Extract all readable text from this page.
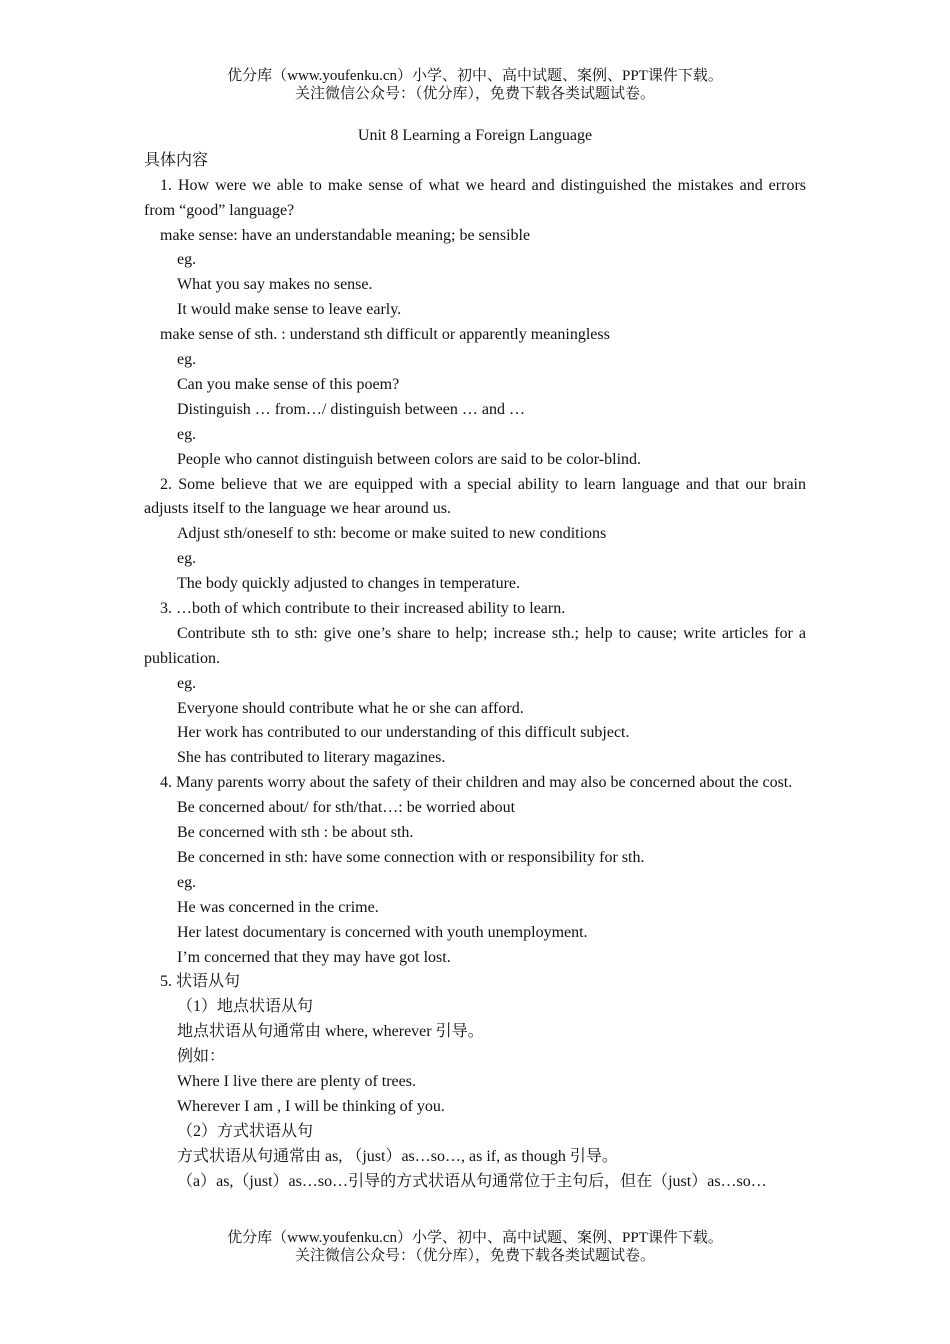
优分库（www.youfenku.cn）小学、初中、高中试题、案例、PPT课件下载。
关注微信公众号：（优分库），免费下载各类试题试卷。
Unit 8 Learning a Foreign Language
具体内容
1. How were we able to make sense of what we heard and distinguished the mistakes and errors from “good” language?
make sense: have an understandable meaning; be sensible
eg.
What you say makes no sense.
It would make sense to leave early.
make sense of sth. : understand sth difficult or apparently meaningless
eg.
Can you make sense of this poem?
Distinguish … from…/ distinguish between … and …
eg.
People who cannot distinguish between colors are said to be color-blind.
2. Some believe that we are equipped with a special ability to learn language and that our brain adjusts itself to the language we hear around us.
Adjust sth/oneself to sth: become or make suited to new conditions
eg.
The body quickly adjusted to changes in temperature.
3. …both of which contribute to their increased ability to learn.
Contribute sth to sth: give one’s share to help; increase sth.; help to cause; write articles for a publication.
eg.
Everyone should contribute what he or she can afford.
Her work has contributed to our understanding of this difficult subject.
She has contributed to literary magazines.
4. Many parents worry about the safety of their children and may also be concerned about the cost.
Be concerned about/ for sth/that…: be worried about
Be concerned with sth : be about sth.
Be concerned in sth: have some connection with or responsibility for sth.
eg.
He was concerned in the crime.
Her latest documentary is concerned with youth unemployment.
I’m concerned that they may have got lost.
5. 状语从句
（1）地点状语从句
地点状语从句通常由 where, wherever 引导。
例如：
Where I live there are plenty of trees.
Wherever I am , I will be thinking of you.
（2）方式状语从句
方式状语从句通常由 as, （just）as…so…, as if, as though 引导。
（a）as,（just）as…so…引导的方式状语从句通常位于主句后，但在（just）as…so…
优分库（www.youfenku.cn）小学、初中、高中试题、案例、PPT课件下载。
关注微信公众号：（优分库），免费下载各类试题试卷。
